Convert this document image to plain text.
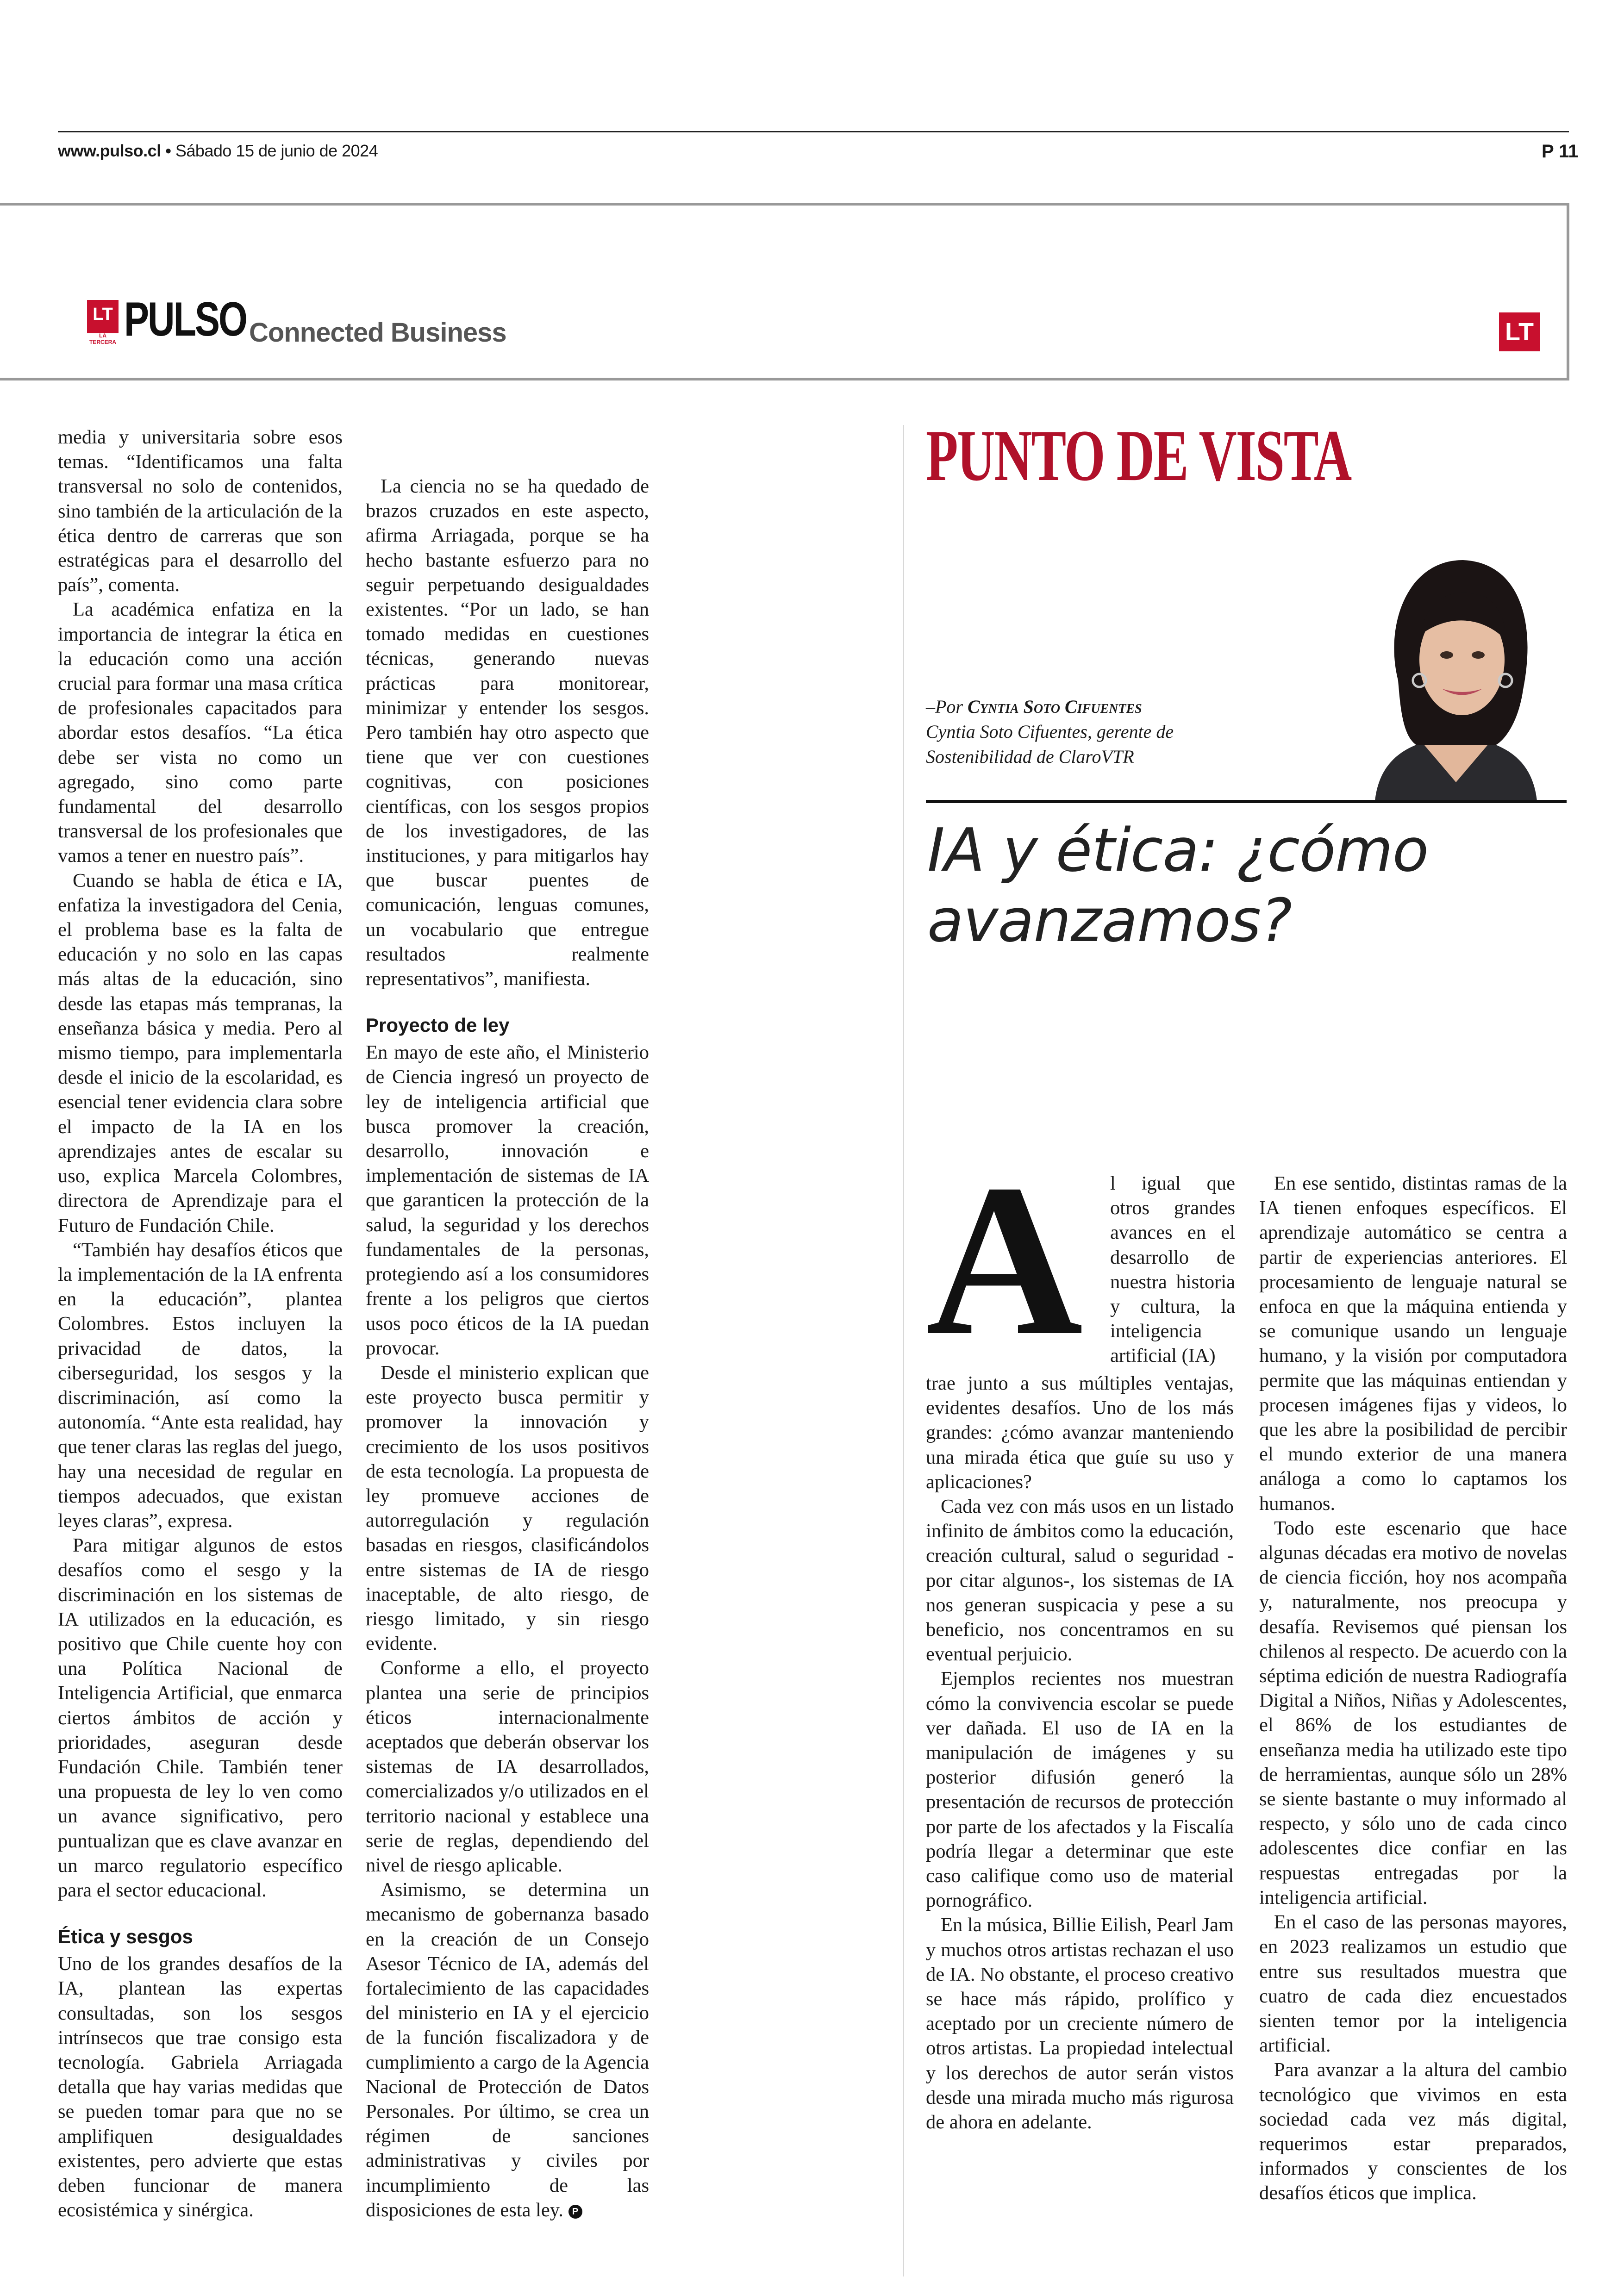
www.pulso.cl • Sábado 15 de junio de 2024	P 11
LT
LA TERCERA PULSO Connected Business	LT

media y universitaria sobre esos temas. “Identificamos una falta transversal no solo de contenidos, sino también de la articulación de la ética dentro de carreras que son estratégicas para el desarrollo del país”, comenta.

La académica enfatiza en la importancia de integrar la ética en la educación como una acción crucial para formar una masa crítica de profesionales capacitados para abordar estos desafíos. “La ética debe ser vista no como un agregado, sino como parte fundamental del desarrollo transversal de los profesionales que vamos a tener en nuestro país”.

Cuando se habla de ética e IA, enfatiza la investigadora del Cenia, el problema base es la falta de educación y no solo en las capas más altas de la educación, sino desde las etapas más tempranas, la enseñanza básica y media. Pero al mismo tiempo, para implementarla desde el inicio de la escolaridad, es esencial tener evidencia clara sobre el impacto de la IA en los aprendizajes antes de escalar su uso, explica Marcela Colombres, directora de Aprendizaje para el Futuro de Fundación Chile.

“También hay desafíos éticos que la implementación de la IA enfrenta en la educación”, plantea Colombres. Estos incluyen la privacidad de datos, la ciberseguridad, los sesgos y la discriminación, así como la autonomía. “Ante esta realidad, hay que tener claras las reglas del juego, hay una necesidad de regular en tiempos adecuados, que existan leyes claras”, expresa.

Para mitigar algunos de estos desafíos como el sesgo y la discriminación en los sistemas de IA utilizados en la educación, es positivo que Chile cuente hoy con una Política Nacional de Inteligencia Artificial, que enmarca ciertos ámbitos de acción y prioridades, aseguran desde Fundación Chile. También tener una propuesta de ley lo ven como un avance significativo, pero puntualizan que es clave avanzar en un marco regulatorio específico para el sector educacional.

Ética y sesgos

Uno de los grandes desafíos de la IA, plantean las expertas consultadas, son los sesgos intrínsecos que trae consigo esta tecnología. Gabriela Arriagada detalla que hay varias medidas que se pueden tomar para que no se amplifiquen desigualdades existentes, pero advierte que estas deben funcionar de manera ecosistémica y sinérgica.

La ciencia no se ha quedado de brazos cruzados en este aspecto, afirma Arriagada, porque se ha hecho bastante esfuerzo para no seguir perpetuando desigualdades existentes. “Por un lado, se han tomado medidas en cuestiones técnicas, generando nuevas prácticas para monitorear, minimizar y entender los sesgos. Pero también hay otro aspecto que tiene que ver con cuestiones cognitivas, con posiciones científicas, con los sesgos propios de los investigadores, de las instituciones, y para mitigarlos hay que buscar puentes de comunicación, lenguas comunes, un vocabulario que entregue resultados realmente representativos”, manifiesta.

Proyecto de ley

En mayo de este año, el Ministerio de Ciencia ingresó un proyecto de ley de inteligencia artificial que busca promover la creación, desarrollo, innovación e implementación de sistemas de IA que garanticen la protección de la salud, la seguridad y los derechos fundamentales de la personas, protegiendo así a los consumidores frente a los peligros que ciertos usos poco éticos de la IA puedan provocar.

Desde el ministerio explican que este proyecto busca permitir y promover la innovación y crecimiento de los usos positivos de esta tecnología. La propuesta de ley promueve acciones de autorregulación y regulación basadas en riesgos, clasificándolos entre sistemas de IA de riesgo inaceptable, de alto riesgo, de riesgo limitado, y sin riesgo evidente.

Conforme a ello, el proyecto plantea una serie de principios éticos internacionalmente aceptados que deberán observar los sistemas de IA desarrollados, comercializados y/o utilizados en el territorio nacional y establece una serie de reglas, dependiendo del nivel de riesgo aplicable.

Asimismo, se determina un mecanismo de gobernanza basado en la creación de un Consejo Asesor Técnico de IA, además del fortalecimiento de las capacidades del ministerio en IA y el ejercicio de la función fiscalizadora y de cumplimiento a cargo de la Agencia Nacional de Protección de Datos Personales. Por último, se crea un régimen de sanciones administrativas y civiles por incumplimiento de las disposiciones de esta ley. P

PUNTO DE VISTA
–Por Cyntia Soto Cifuentes
Cyntia Soto Cifuentes, gerente de Sostenibilidad de ClaroVTR
IA y ética: ¿cómo
avanzamos?
A l igual que otros grandes avances en el desarrollo de nuestra historia y cultura, la inteligencia artificial (IA)

trae junto a sus múltiples ventajas, evidentes desafíos. Uno de los más grandes: ¿cómo avanzar manteniendo una mirada ética que guíe su uso y aplicaciones?

Cada vez con más usos en un listado infinito de ámbitos como la educación, creación cultural, salud o seguridad -por citar algunos-, los sistemas de IA nos generan suspicacia y pese a su beneficio, nos concentramos en su eventual perjuicio.

Ejemplos recientes nos muestran cómo la convivencia escolar se puede ver dañada. El uso de IA en la manipulación de imágenes y su posterior difusión generó la presentación de recursos de protección por parte de los afectados y la Fiscalía podría llegar a determinar que este caso califique como uso de material pornográfico.

En la música, Billie Eilish, Pearl Jam y muchos otros artistas rechazan el uso de IA. No obstante, el proceso creativo se hace más rápido, prolífico y aceptado por un creciente número de otros artistas. La propiedad intelectual y los derechos de autor serán vistos desde una mirada mucho más rigurosa de ahora en adelante.

En ese sentido, distintas ramas de la IA tienen enfoques específicos. El aprendizaje automático se centra a partir de experiencias anteriores. El procesamiento de lenguaje natural se enfoca en que la máquina entienda y se comunique usando un lenguaje humano, y la visión por computadora permite que las máquinas entiendan y procesen imágenes fijas y videos, lo que les abre la posibilidad de percibir el mundo exterior de una manera análoga a como lo captamos los humanos.

Todo este escenario que hace algunas décadas era motivo de novelas de ciencia ficción, hoy nos acompaña y, naturalmente, nos preocupa y desafía. Revisemos qué piensan los chilenos al respecto. De acuerdo con la séptima edición de nuestra Radiografía Digital a Niños, Niñas y Adolescentes, el 86% de los estudiantes de enseñanza media ha utilizado este tipo de herramientas, aunque sólo un 28% se siente bastante o muy informado al respecto, y sólo uno de cada cinco adolescentes dice confiar en las respuestas entregadas por la inteligencia artificial.

En el caso de las personas mayores, en 2023 realizamos un estudio que entre sus resultados muestra que cuatro de cada diez encuestados sienten temor por la inteligencia artificial.

Para avanzar a la altura del cambio tecnológico que vivimos en esta sociedad cada vez más digital, requerimos estar preparados, informados y conscientes de los desafíos éticos que implica.
